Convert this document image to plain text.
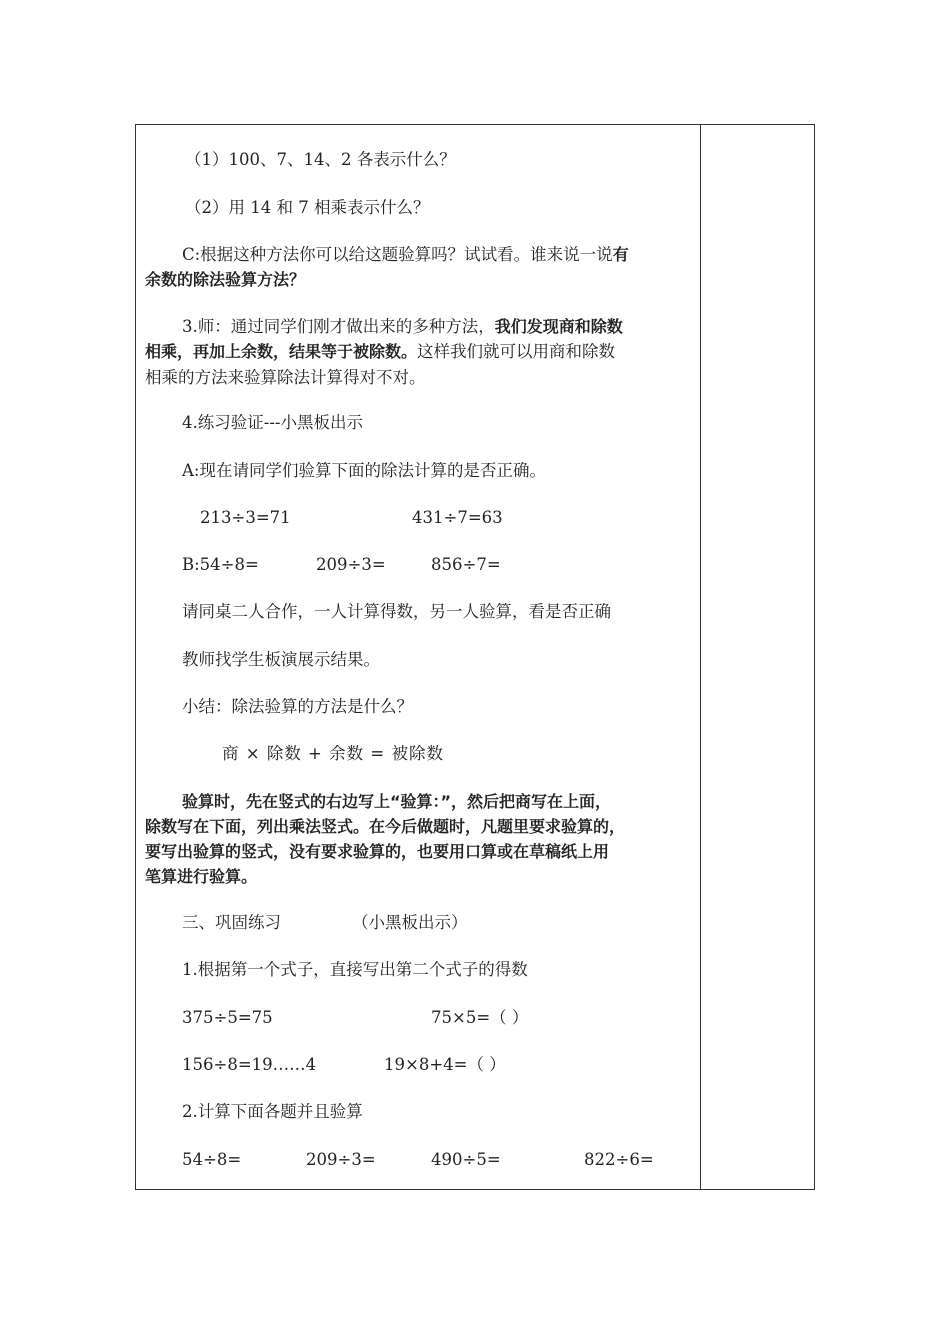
（1）100、7、14、2 各表示什么？
（2）用 14 和 7 相乘表示什么？
C:根据这种方法你可以给这题验算吗？试试看。谁来说一说有
余数的除法验算方法？
3.师：通过同学们刚才做出来的多种方法，我们发现商和除数
相乘，再加上余数，结果等于被除数。这样我们就可以用商和除数
相乘的方法来验算除法计算得对不对。
4.练习验证---小黑板出示
A:现在请同学们验算下面的除法计算的是否正确。
213÷3=71	431÷7=63
B:54÷8=	209÷3=	856÷7=
请同桌二人合作，一人计算得数，另一人验算，看是否正确
教师找学生板演展示结果。
小结：除法验算的方法是什么？
商 × 除数 + 余数 = 被除数
验算时，先在竖式的右边写上“验算：”，然后把商写在上面，
除数写在下面，列出乘法竖式。在今后做题时，凡题里要求验算的，
要写出验算的竖式，没有要求验算的，也要用口算或在草稿纸上用
笔算进行验算。
三、巩固练习	（小黑板出示）
1.根据第一个式子，直接写出第二个式子的得数
375÷5=75	75×5=（ ）
156÷8=19……4	19×8+4=（ ）
2.计算下面各题并且验算
54÷8=	209÷3=	490÷5=	822÷6=
